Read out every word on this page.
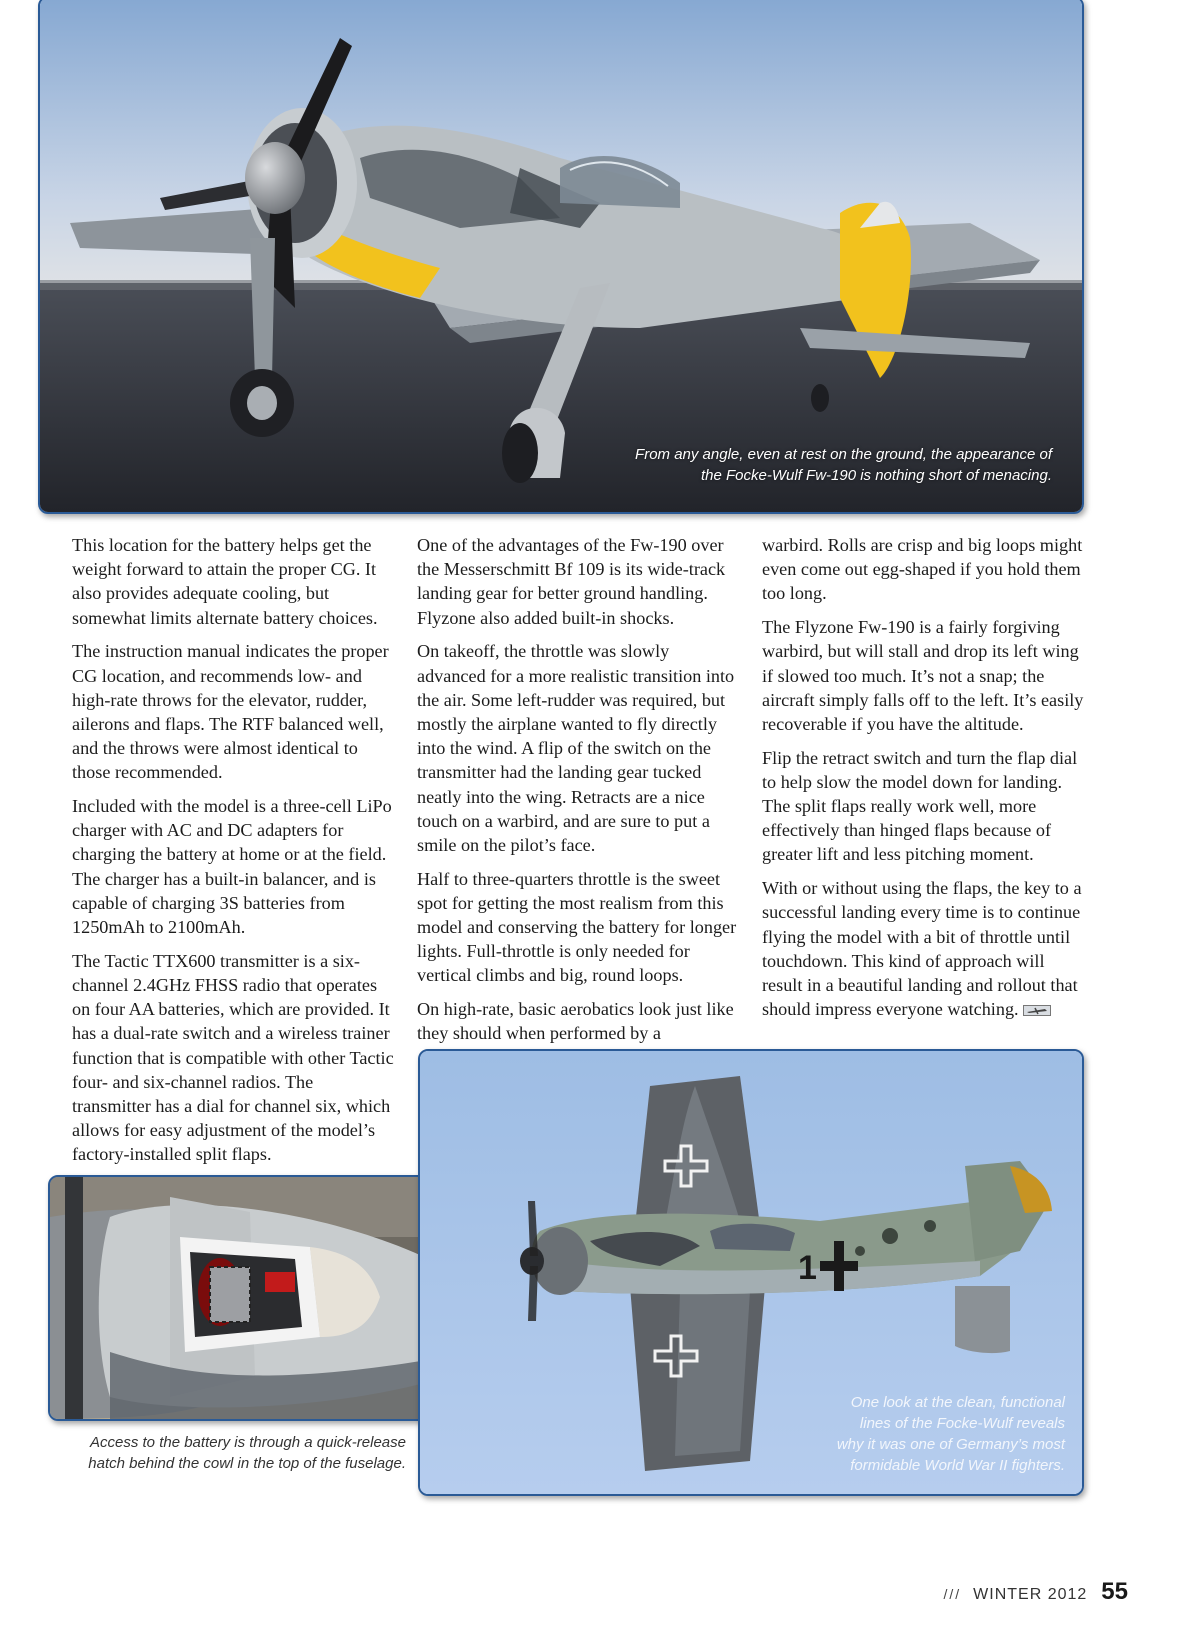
From any angle, even at rest on the ground, the appearance of
the Focke-Wulf Fw-190 is nothing short of menacing.

This location for the battery helps get the weight forward to attain the proper CG. It also provides adequate cooling, but somewhat limits alternate battery choices.

The instruction manual indicates the proper CG location, and recommends low- and high-rate throws for the elevator, rudder, ailerons and flaps. The RTF balanced well, and the throws were almost identical to those recommended.

Included with the model is a three-cell LiPo charger with AC and DC adapters for charging the battery at home or at the field. The charger has a built-in balancer, and is capable of charging 3S batteries from 1250mAh to 2100mAh.

The Tactic TTX600 transmitter is a six-channel 2.4GHz FHSS radio that operates on four AA batteries, which are provided. It has a dual-rate switch and a wireless trainer function that is compatible with other Tactic four- and six-channel radios. The transmitter has a dial for channel six, which allows for easy adjustment of the model’s factory-installed split flaps.

One of the advantages of the Fw-190 over the Messerschmitt Bf 109 is its wide-track landing gear for better ground handling. Flyzone also added built-in shocks.

On takeoff, the throttle was slowly advanced for a more realistic transition into the air. Some left-rudder was required, but mostly the airplane wanted to fly directly into the wind. A flip of the switch on the transmitter had the landing gear tucked neatly into the wing. Retracts are a nice touch on a warbird, and are sure to put a smile on the pilot’s face.

Half to three-quarters throttle is the sweet spot for getting the most realism from this model and conserving the battery for longer lights. Full-throttle is only needed for vertical climbs and big, round loops.

On high-rate, basic aerobatics look just like they should when performed by a

warbird. Rolls are crisp and big loops might even come out egg-shaped if you hold them too long.

The Flyzone Fw-190 is a fairly forgiving warbird, but will stall and drop its left wing if slowed too much. It’s not a snap; the aircraft simply falls off to the left. It’s easily recoverable if you have the altitude.

Flip the retract switch and turn the flap dial to help slow the model down for landing. The split flaps really work well, more effectively than hinged flaps because of greater lift and less pitching moment.

With or without using the flaps, the key to a successful landing every time is to continue flying the model with a bit of throttle until touchdown. This kind of approach will result in a beautiful landing and rollout that should impress everyone watching.

Access to the battery is through a quick-release
hatch behind the cowl in the top of the fuselage.
1
One look at the clean, functional
lines of the Focke-Wulf reveals
why it was one of Germany’s most
formidable World War II fighters.
/// WINTER 2012 55
